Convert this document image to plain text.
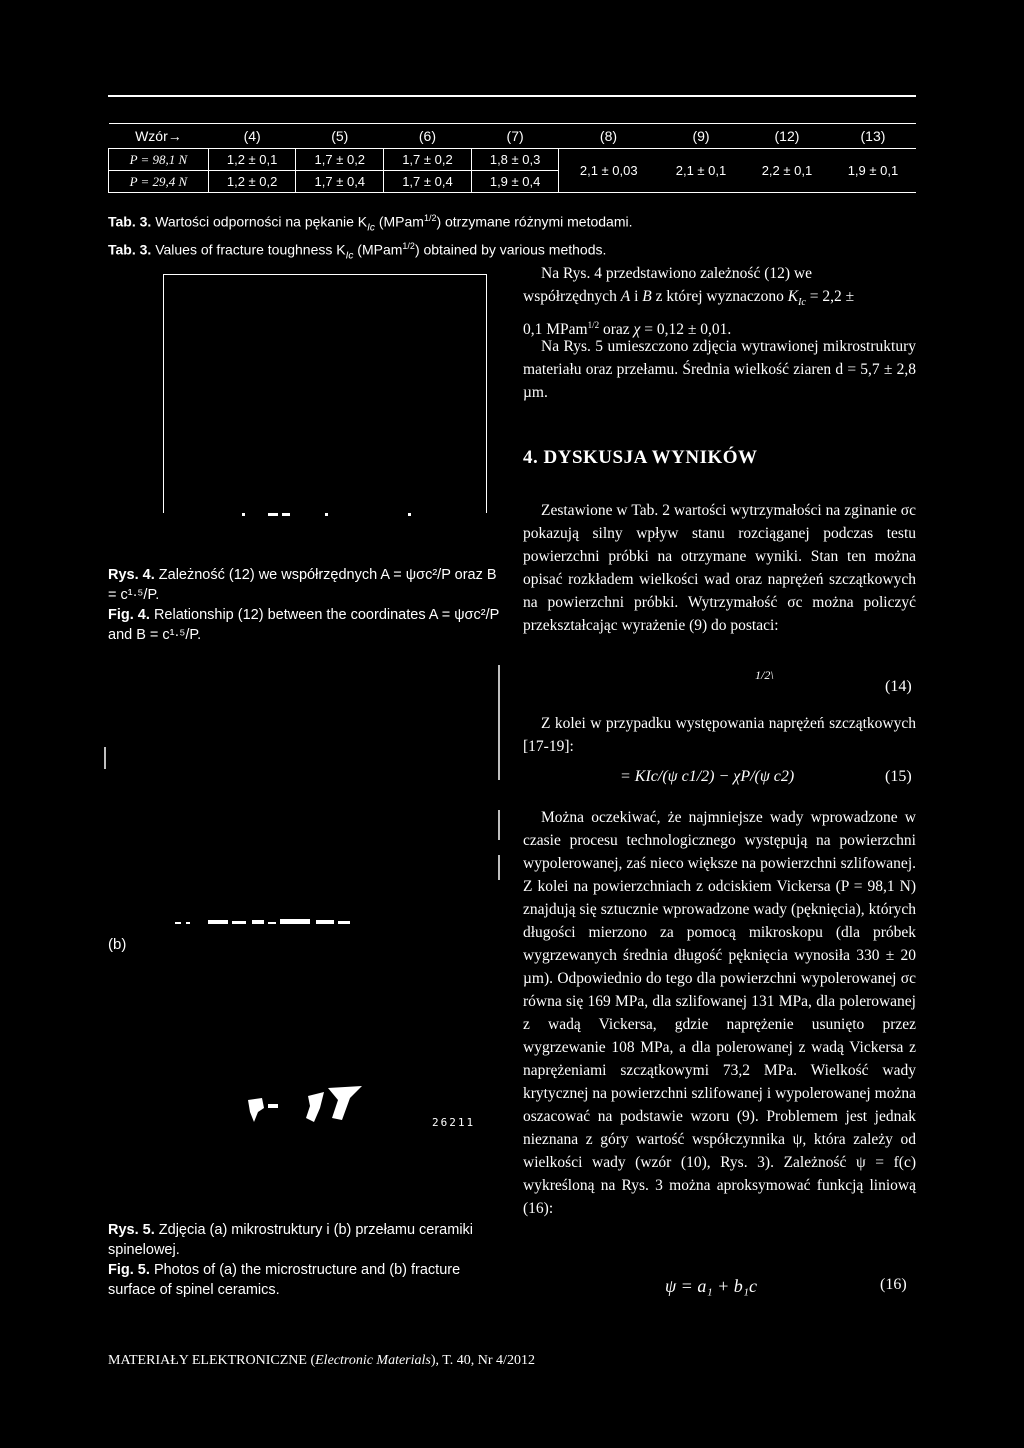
Wzór→	(4)	(5)	(6)	(7)	(8)	(9)	(12)	(13)
P = 98,1 N	1,2 ± 0,1	1,7 ± 0,2	1,7 ± 0,2	1,8 ± 0,3	2,1 ± 0,03	2,1 ± 0,1	2,2 ± 0,1	1,9 ± 0,1
P = 29,4 N	1,2 ± 0,2	1,7 ± 0,4	1,7 ± 0,4	1,9 ± 0,4				
Tab. 3. Wartości odporności na pękanie $K_{Ic}$ (MPam$^{1/2}$) otrzymane różnymi metodami.
Tab. 3. Values of fracture toughness $K_{Ic}$ (MPam$^{1/2}$) obtained by various methods.

Na Rys. 4 przedstawiono zależność (12) we

współrzędnych A i B z której wyznaczono $K_{Ic} = 2,2$ ±
0,1 MPam$^{1/2}$ oraz χ = 0,12 ± 0,01.

Na Rys. 5 umieszczono zdjęcia wytrawionej mikrostruktury materiału oraz przełamu. Średnia wielkość ziaren d = 5,7 ± 2,8 µm.

4. DYSKUSJA WYNIKÓW
Rys. 4. Zależność (12) we współrzędnych A = ψσc²/P oraz B = c¹·⁵/P.
Fig. 4. Relationship (12) between the coordinates A = ψσc²/P and B = c¹·⁵/P.

Zestawione w Tab. 2 wartości wytrzymałości na zginanie σc pokazują silny wpływ stanu rozciąganej podczas testu powierzchni próbki na otrzymane wyniki. Stan ten można opisać rozkładem wielkości wad oraz naprężeń szczątkowych na powierzchni próbki. Wytrzymałość σc można policzyć przekształcając wyrażenie (9) do postaci:

1/2\
(14)

Z kolei w przypadku występowania naprężeń szczątkowych [17-19]:

= KIc/(ψ c1/2) − χP/(ψ c2)	(15)

Można oczekiwać, że najmniejsze wady wprowadzone w czasie procesu technologicznego występują na powierzchni wypolerowanej, zaś nieco większe na powierzchni szlifowanej. Z kolei na powierzchniach z odciskiem Vickersa (P = 98,1 N) znajdują się sztucznie wprowadzone wady (pęknięcia), których długości mierzono za pomocą mikroskopu (dla próbek wygrzewanych średnia długość pęknięcia wynosiła 330 ± 20 µm). Odpowiednio do tego dla powierzchni wypolerowanej σc równa się 169 MPa, dla szlifowanej 131 MPa, dla polerowanej z wadą Vickersa, gdzie naprężenie usunięto przez wygrzewanie 108 MPa, a dla polerowanej z wadą Vickersa z naprężeniami szczątkowymi 73,2 MPa. Wielkość wady krytycznej na powierzchni szlifowanej i wypolerowanej można oszacować na podstawie wzoru (9). Problemem jest jednak nieznana z góry wartość współczynnika ψ, która zależy od wielkości wady (wzór (10), Rys. 3). Zależność ψ = f(c) wykreśloną na Rys. 3 można aproksymować funkcją liniową (16):

ψ = a₁ + b₁c	(16)
(b)
26211
Rys. 5. Zdjęcia (a) mikrostruktury i (b) przełamu ceramiki spinelowej.
Fig. 5. Photos of (a) the microstructure and (b) fracture surface of spinel ceramics.
MATERIAŁY ELEKTRONICZNE (Electronic Materials), T. 40, Nr 4/2012
